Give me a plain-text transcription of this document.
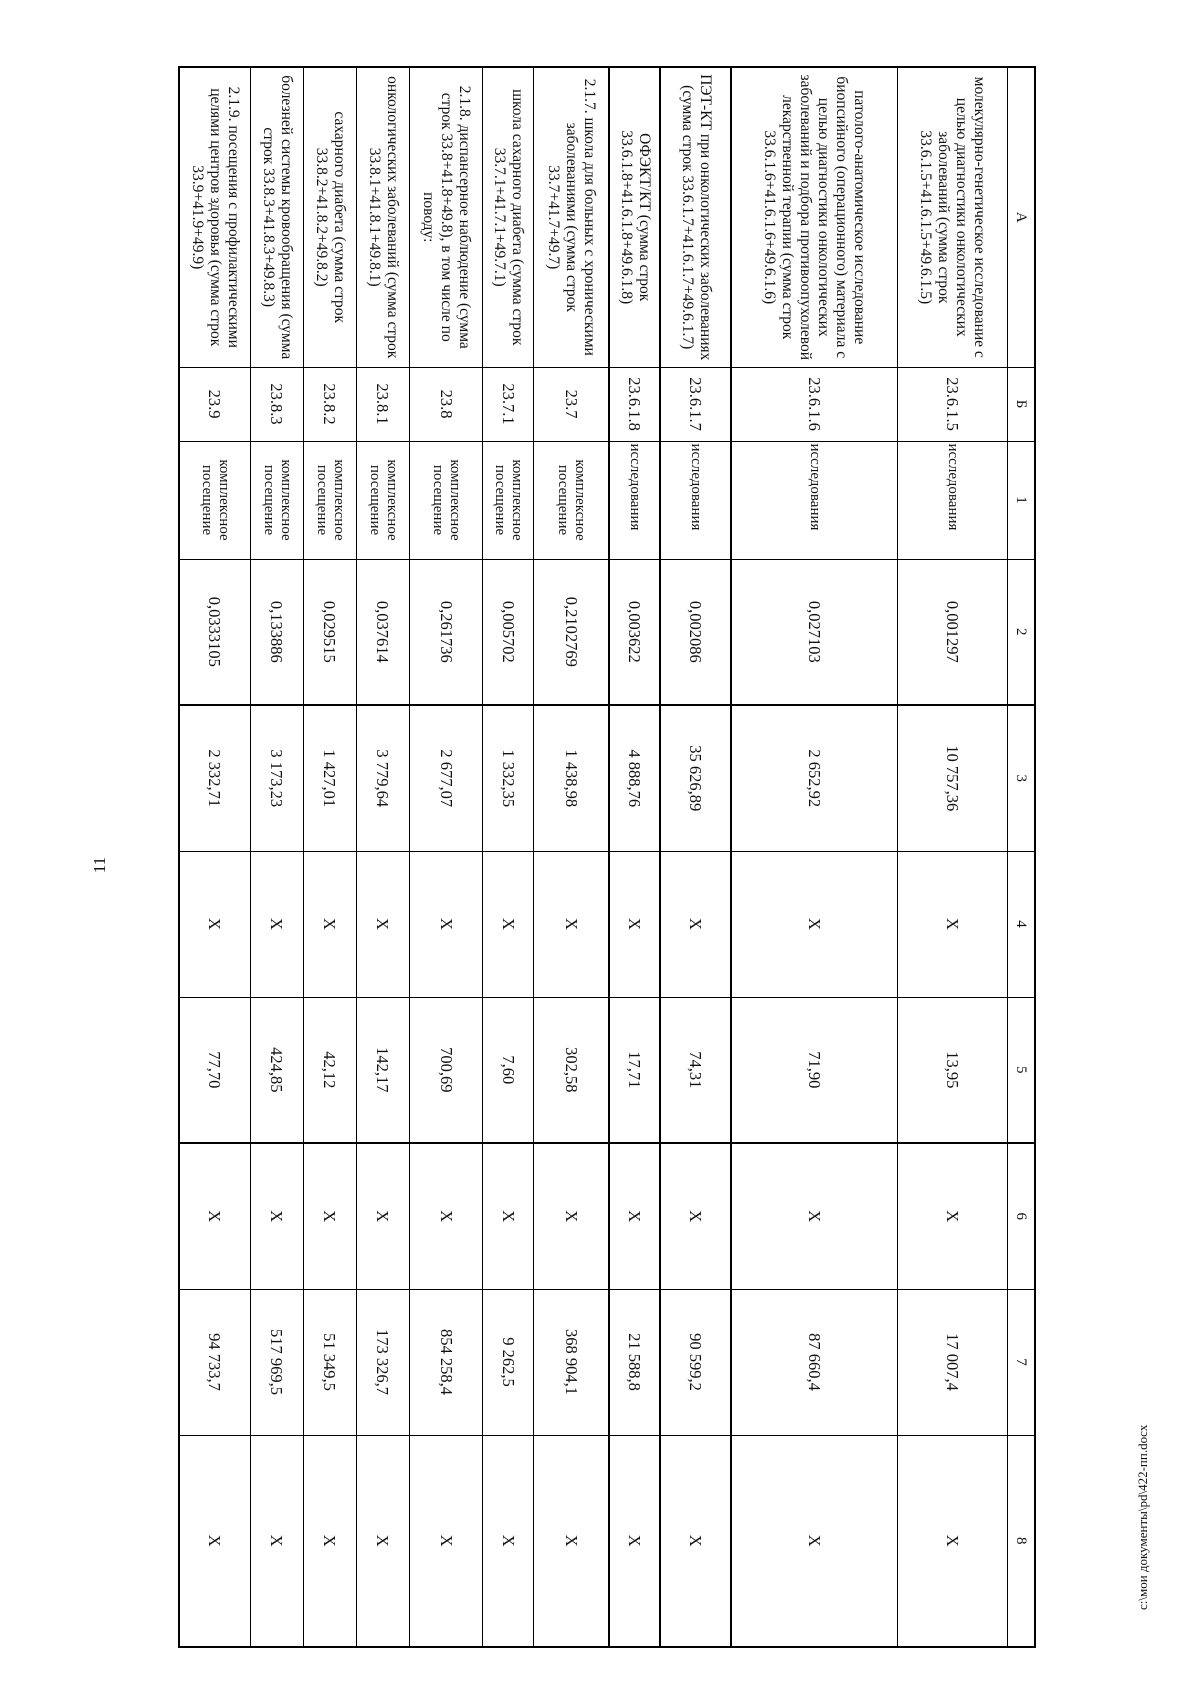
11
c:\мои документы\pd\422-пп.docx
А	Б	1	2	3	4	5	6	7	8
молекулярно-генетическое исследование с целью диагностики онкологических заболеваний (сумма строк 33.6.1.5+41.6.1.5+49.6.1.5)	23.6.1.5	исследования	0,001297	10 757,36	Х	13,95	Х	17 007,4	Х
патолого-анатомическое исследование биопсийного (операционного) материала с целью диагностики онкологических заболеваний и подбора противоопухолевой лекарственной терапии (сумма строк 33.6.1.6+41.6.1.6+49.6.1.6)	23.6.1.6	исследования	0,027103	2 652,92	Х	71,90	Х	87 660,4	Х
ПЭТ-КТ при онкологических заболеваниях (сумма строк 33.6.1.7+41.6.1.7+49.6.1.7)	23.6.1.7	исследования	0,002086	35 626,89	Х	74,31	Х	90 599,2	Х
ОФЭКТ/КТ (сумма строк 33.6.1.8+41.6.1.8+49.6.1.8)	23.6.1.8	исследования	0,003622	4 888,76	Х	17,71	Х	21 588,8	Х
2.1.7. школа для больных с хроническими заболеваниями (сумма строк 33.7+41.7+49.7)	23.7	комплексное посещение	0,2102769	1 438,98	Х	302,58	Х	368 904,1	Х
школа сахарного диабета (сумма строк 33.7.1+41.7.1+49.7.1)	23.7.1	комплексное посещение	0,005702	1 332,35	Х	7,60	Х	9 262,5	Х
2.1.8. диспансерное наблюдение (сумма строк 33.8+41.8+49.8), в том числе по поводу:	23.8	комплексное посещение	0,261736	2 677,07	Х	700,69	Х	854 258,4	Х
онкологических заболеваний (сумма строк 33.8.1+41.8.1+49.8.1)	23.8.1	комплексное посещение	0,037614	3 779,64	Х	142,17	Х	173 326,7	Х
сахарного диабета (сумма строк 33.8.2+41.8.2+49.8.2)	23.8.2	комплексное посещение	0,029515	1 427,01	Х	42,12	Х	51 349,5	Х
болезней системы кровообращения (сумма строк 33.8.3+41.8.3+49.8.3)	23.8.3	комплексное посещение	0,133886	3 173,23	Х	424,85	Х	517 969,5	Х
2.1.9. посещения с профилактическими целями центров здоровья (сумма строк 33.9+41.9+49.9)	23.9	комплексное посещение	0,0333105	2 332,71	Х	77,70	Х	94 733,7	Х
